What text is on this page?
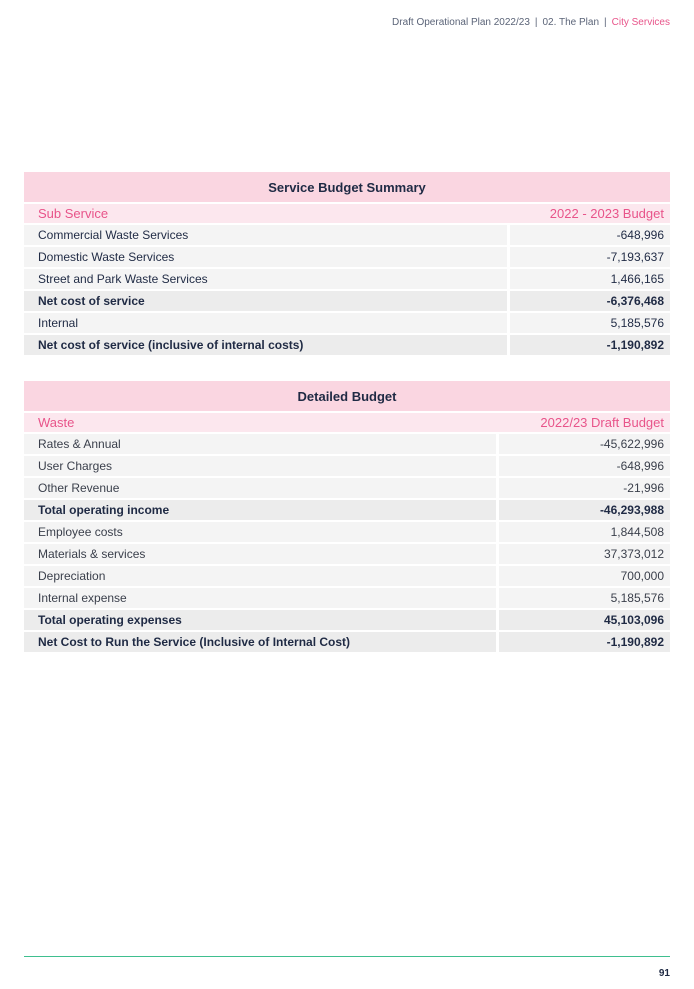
Draft Operational Plan 2022/23 | 02. The Plan | City Services
Service Budget Summary	
Sub Service	2022 - 2023 Budget
Commercial Waste Services	-648,996
Domestic Waste Services	-7,193,637
Street and Park Waste Services	1,466,165
Net cost of service	-6,376,468
Internal	5,185,576
Net cost of service (inclusive of internal costs)	-1,190,892
Detailed Budget	
Waste	2022/23 Draft Budget
Rates & Annual	-45,622,996
User Charges	-648,996
Other Revenue	-21,996
Total operating income	-46,293,988
Employee costs	1,844,508
Materials & services	37,373,012
Depreciation	700,000
Internal expense	5,185,576
Total operating expenses	45,103,096
Net Cost to Run the Service (Inclusive of Internal Cost)	-1,190,892
91
